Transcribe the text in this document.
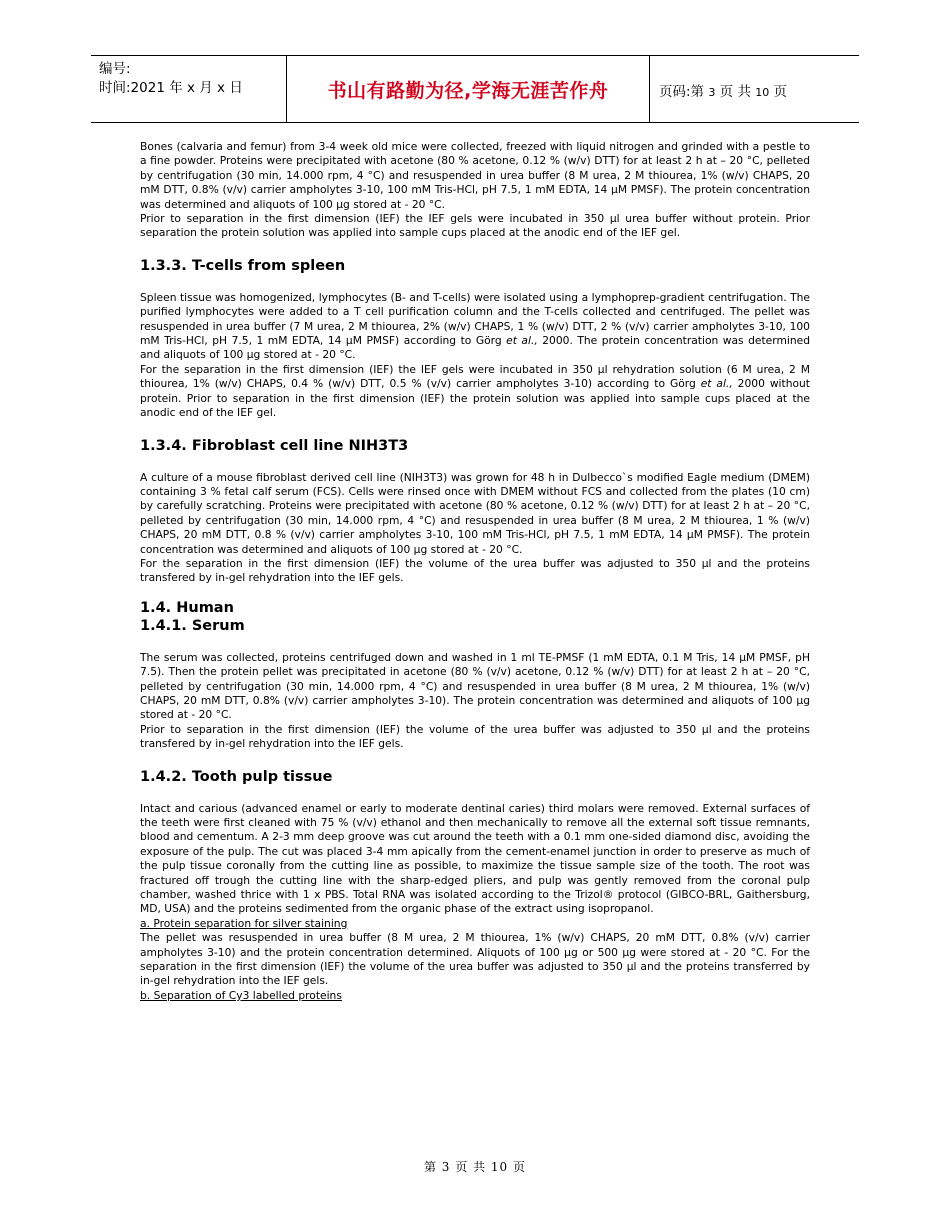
编号:
时间:2021 年 x 月 x 日	书山有路勤为径,学海无涯苦作舟	页码:第 3 页 共 10 页

Bones (calvaria and femur) from 3-4 week old mice were collected, freezed with liquid nitrogen and grinded with a pestle to a fine powder. Proteins were precipitated with acetone (80 % acetone, 0.12 % (w/v) DTT) for at least 2 h at – 20 °C, pelleted by centrifugation (30 min, 14.000 rpm, 4 °C) and resuspended in urea buffer (8 M urea, 2 M thiourea, 1% (w/v) CHAPS, 20 mM DTT, 0.8% (v/v) carrier ampholytes 3-10, 100 mM Tris-HCl, pH 7.5, 1 mM EDTA, 14 µM PMSF). The protein concentration was determined and aliquots of 100 µg stored at - 20 °C.

Prior to separation in the first dimension (IEF) the IEF gels were incubated in 350 µl urea buffer without protein. Prior separation the protein solution was applied into sample cups placed at the anodic end of the IEF gel.

1.3.3. T-cells from spleen

Spleen tissue was homogenized, lymphocytes (B- and T-cells) were isolated using a lymphoprep-gradient centrifugation. The purified lymphocytes were added to a T cell purification column and the T-cells collected and centrifuged. The pellet was resuspended in urea buffer (7 M urea, 2 M thiourea, 2% (w/v) CHAPS, 1 % (w/v) DTT, 2 % (v/v) carrier ampholytes 3-10, 100 mM Tris-HCl, pH 7.5, 1 mM EDTA, 14 µM PMSF) according to Görg et al., 2000. The protein concentration was determined and aliquots of 100 µg stored at - 20 °C.

For the separation in the first dimension (IEF) the IEF gels were incubated in 350 µl rehydration solution (6 M urea, 2 M thiourea, 1% (w/v) CHAPS, 0.4 % (w/v) DTT, 0.5 % (v/v) carrier ampholytes 3-10) according to Görg et al., 2000 without protein. Prior to separation in the first dimension (IEF) the protein solution was applied into sample cups placed at the anodic end of the IEF gel.

1.3.4. Fibroblast cell line NIH3T3

A culture of a mouse fibroblast derived cell line (NIH3T3) was grown for 48 h in Dulbecco`s modified Eagle medium (DMEM) containing 3 % fetal calf serum (FCS). Cells were rinsed once with DMEM without FCS and collected from the plates (10 cm) by carefully scratching. Proteins were precipitated with acetone (80 % acetone, 0.12 % (w/v) DTT) for at least 2 h at – 20 °C, pelleted by centrifugation (30 min, 14.000 rpm, 4 °C) and resuspended in urea buffer (8 M urea, 2 M thiourea, 1 % (w/v) CHAPS, 20 mM DTT, 0.8 % (v/v) carrier ampholytes 3-10, 100 mM Tris-HCl, pH 7.5, 1 mM EDTA, 14 µM PMSF). The protein concentration was determined and aliquots of 100 µg stored at - 20 °C.

For the separation in the first dimension (IEF) the volume of the urea buffer was adjusted to 350 µl and the proteins transfered by in-gel rehydration into the IEF gels.

1.4. Human
1.4.1. Serum

The serum was collected, proteins centrifuged down and washed in 1 ml TE-PMSF (1 mM EDTA, 0.1 M Tris, 14 µM PMSF, pH 7.5). Then the protein pellet was precipitated in acetone (80 % (v/v) acetone, 0.12 % (w/v) DTT) for at least 2 h at – 20 °C, pelleted by centrifugation (30 min, 14.000 rpm, 4 °C) and resuspended in urea buffer (8 M urea, 2 M thiourea, 1% (w/v) CHAPS, 20 mM DTT, 0.8% (v/v) carrier ampholytes 3-10). The protein concentration was determined and aliquots of 100 µg stored at - 20 °C.

Prior to separation in the first dimension (IEF) the volume of the urea buffer was adjusted to 350 µl and the proteins transfered by in-gel rehydration into the IEF gels.

1.4.2. Tooth pulp tissue

Intact and carious (advanced enamel or early to moderate dentinal caries) third molars were removed. External surfaces of the teeth were first cleaned with 75 % (v/v) ethanol and then mechanically to remove all the external soft tissue remnants, blood and cementum. A 2-3 mm deep groove was cut around the teeth with a 0.1 mm one-sided diamond disc, avoiding the exposure of the pulp. The cut was placed 3-4 mm apically from the cement-enamel junction in order to preserve as much of the pulp tissue coronally from the cutting line as possible, to maximize the tissue sample size of the tooth. The root was fractured off trough the cutting line with the sharp-edged pliers, and pulp was gently removed from the coronal pulp chamber, washed thrice with 1 x PBS. Total RNA was isolated according to the Trizol® protocol (GIBCO-BRL, Gaithersburg, MD, USA) and the proteins sedimented from the organic phase of the extract using isopropanol.

a. Protein separation for silver staining

The pellet was resuspended in urea buffer (8 M urea, 2 M thiourea, 1% (w/v) CHAPS, 20 mM DTT, 0.8% (v/v) carrier ampholytes 3-10) and the protein concentration determined. Aliquots of 100 µg or 500 µg were stored at - 20 °C. For the separation in the first dimension (IEF) the volume of the urea buffer was adjusted to 350 µl and the proteins transferred by in-gel rehydration into the IEF gels.

b. Separation of Cy3 labelled proteins

第 3 页 共 10 页
